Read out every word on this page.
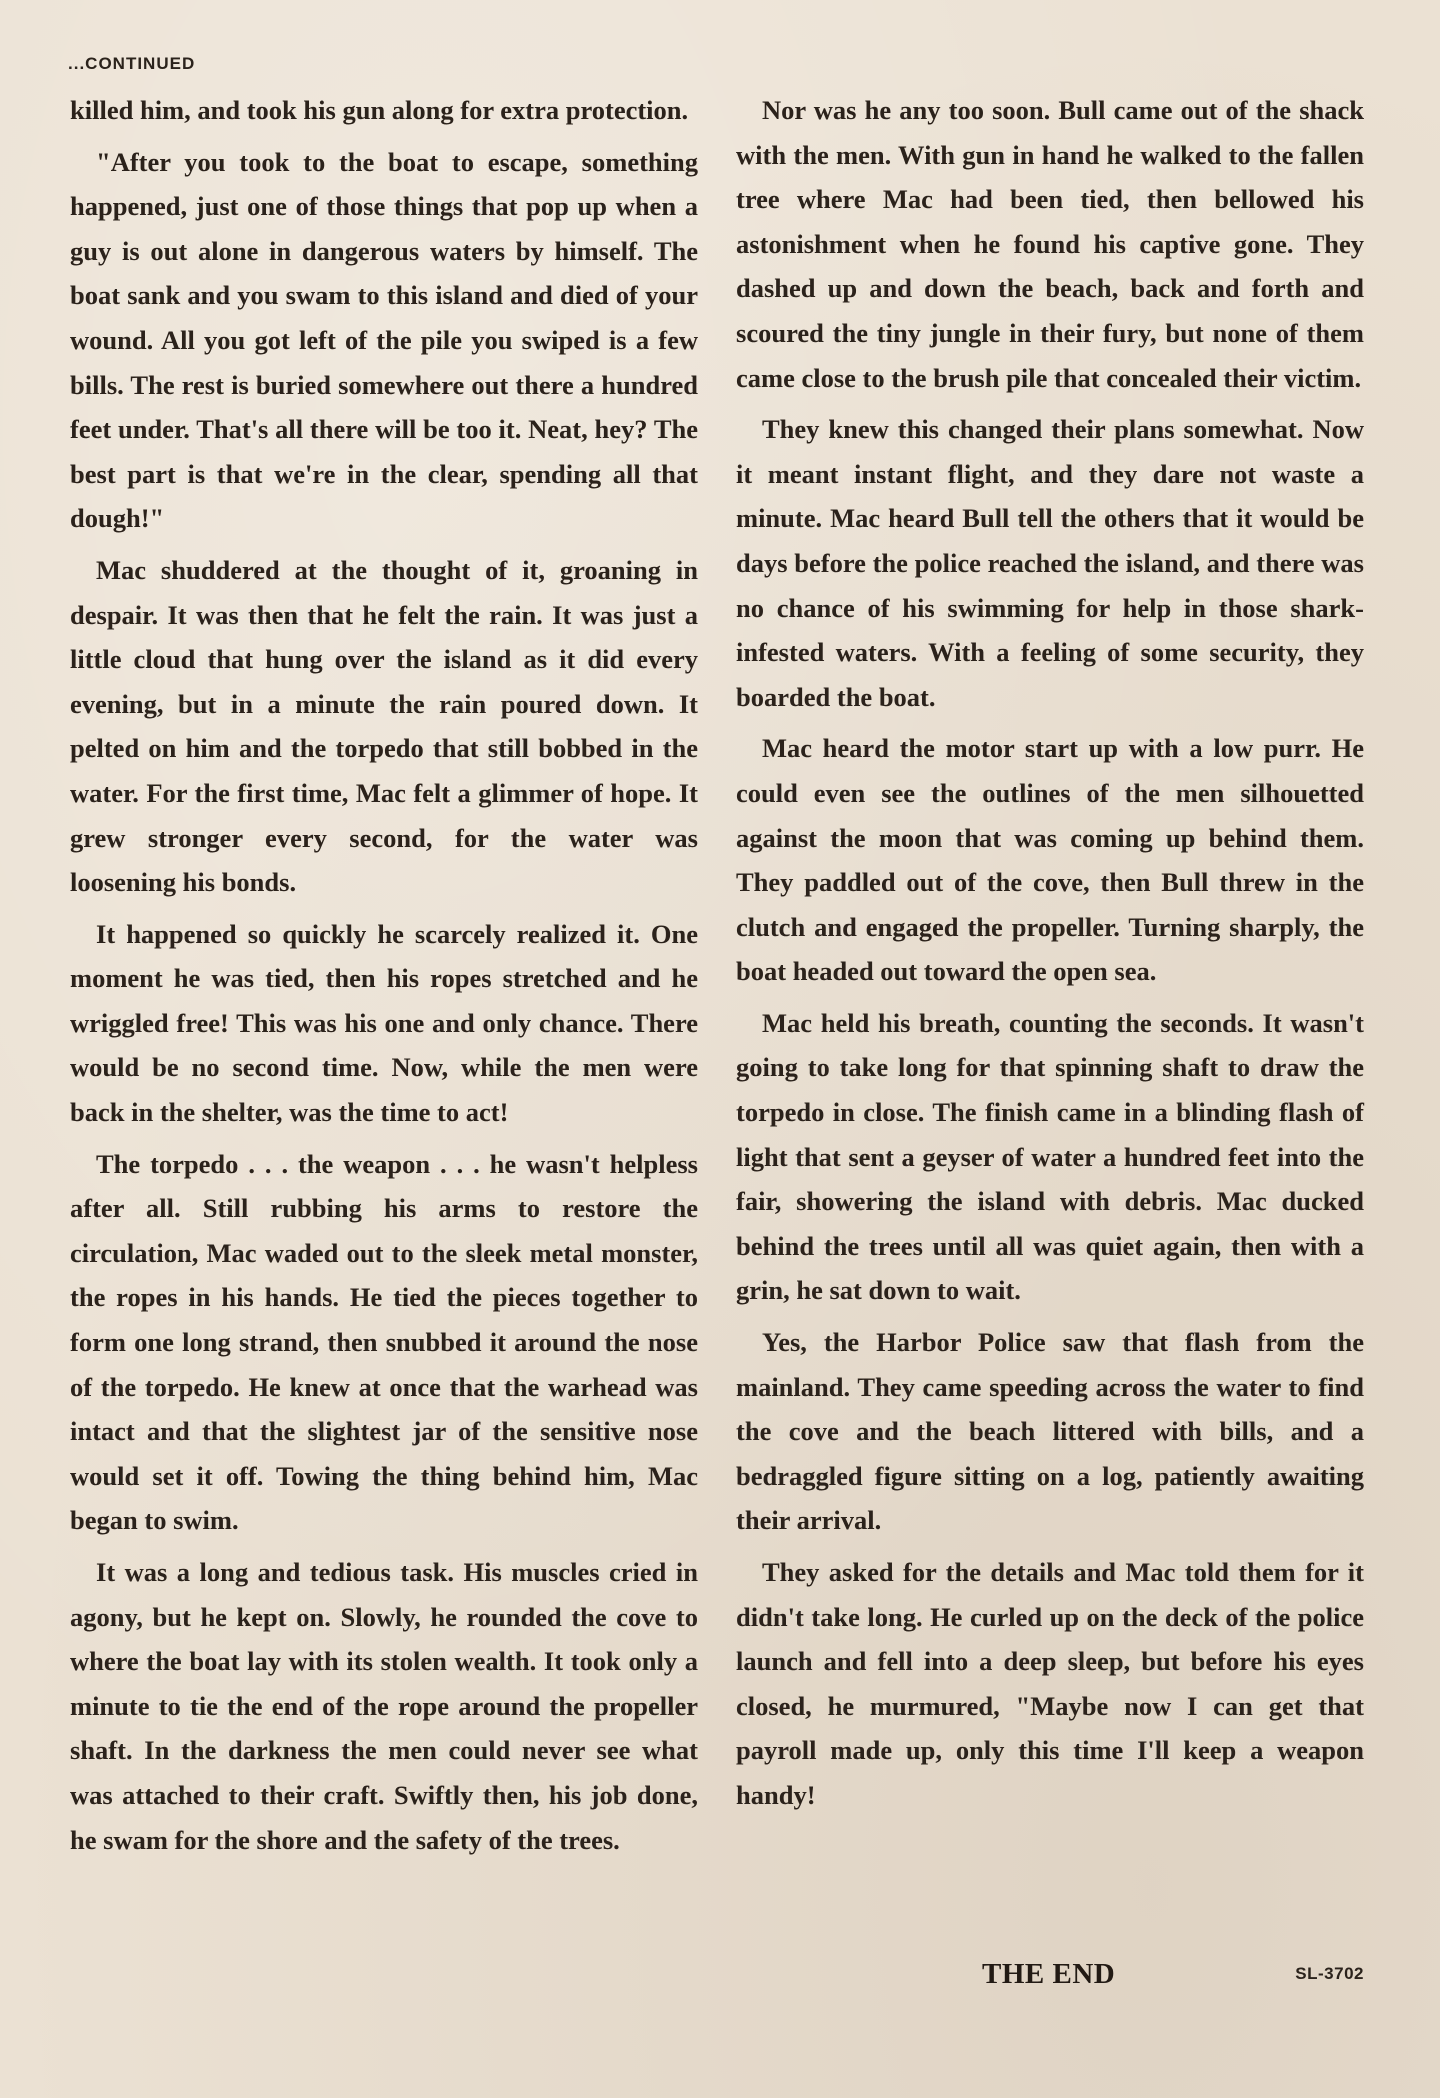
...CONTINUED

killed him, and took his gun along for extra protection.

"After you took to the boat to escape, something happened, just one of those things that pop up when a guy is out alone in dangerous waters by himself. The boat sank and you swam to this island and died of your wound. All you got left of the pile you swiped is a few bills. The rest is buried somewhere out there a hundred feet under. That's all there will be too it. Neat, hey? The best part is that we're in the clear, spending all that dough!"

Mac shuddered at the thought of it, groaning in despair. It was then that he felt the rain. It was just a little cloud that hung over the island as it did every evening, but in a minute the rain poured down. It pelted on him and the torpedo that still bobbed in the water. For the first time, Mac felt a glimmer of hope. It grew stronger every second, for the water was loosening his bonds.

It happened so quickly he scarcely realized it. One moment he was tied, then his ropes stretched and he wriggled free! This was his one and only chance. There would be no second time. Now, while the men were back in the shelter, was the time to act!

The torpedo . . . the weapon . . . he wasn't helpless after all. Still rubbing his arms to restore the circulation, Mac waded out to the sleek metal monster, the ropes in his hands. He tied the pieces together to form one long strand, then snubbed it around the nose of the torpedo. He knew at once that the warhead was intact and that the slightest jar of the sensitive nose would set it off. Towing the thing behind him, Mac began to swim.

It was a long and tedious task. His muscles cried in agony, but he kept on. Slowly, he rounded the cove to where the boat lay with its stolen wealth. It took only a minute to tie the end of the rope around the propeller shaft. In the darkness the men could never see what was attached to their craft. Swiftly then, his job done, he swam for the shore and the safety of the trees.

Nor was he any too soon. Bull came out of the shack with the men. With gun in hand he walked to the fallen tree where Mac had been tied, then bellowed his astonishment when he found his captive gone. They dashed up and down the beach, back and forth and scoured the tiny jungle in their fury, but none of them came close to the brush pile that concealed their victim.

They knew this changed their plans somewhat. Now it meant instant flight, and they dare not waste a minute. Mac heard Bull tell the others that it would be days before the police reached the island, and there was no chance of his swimming for help in those shark-infested waters. With a feeling of some security, they boarded the boat.

Mac heard the motor start up with a low purr. He could even see the outlines of the men silhouetted against the moon that was coming up behind them. They paddled out of the cove, then Bull threw in the clutch and engaged the propeller. Turning sharply, the boat headed out toward the open sea.

Mac held his breath, counting the seconds. It wasn't going to take long for that spinning shaft to draw the torpedo in close. The finish came in a blinding flash of light that sent a geyser of water a hundred feet into the fair, showering the island with debris. Mac ducked behind the trees until all was quiet again, then with a grin, he sat down to wait.

Yes, the Harbor Police saw that flash from the mainland. They came speeding across the water to find the cove and the beach littered with bills, and a bedraggled figure sitting on a log, patiently awaiting their arrival.

They asked for the details and Mac told them for it didn't take long. He curled up on the deck of the police launch and fell into a deep sleep, but before his eyes closed, he murmured, "Maybe now I can get that payroll made up, only this time I'll keep a weapon handy!

THE END	SL-3702
